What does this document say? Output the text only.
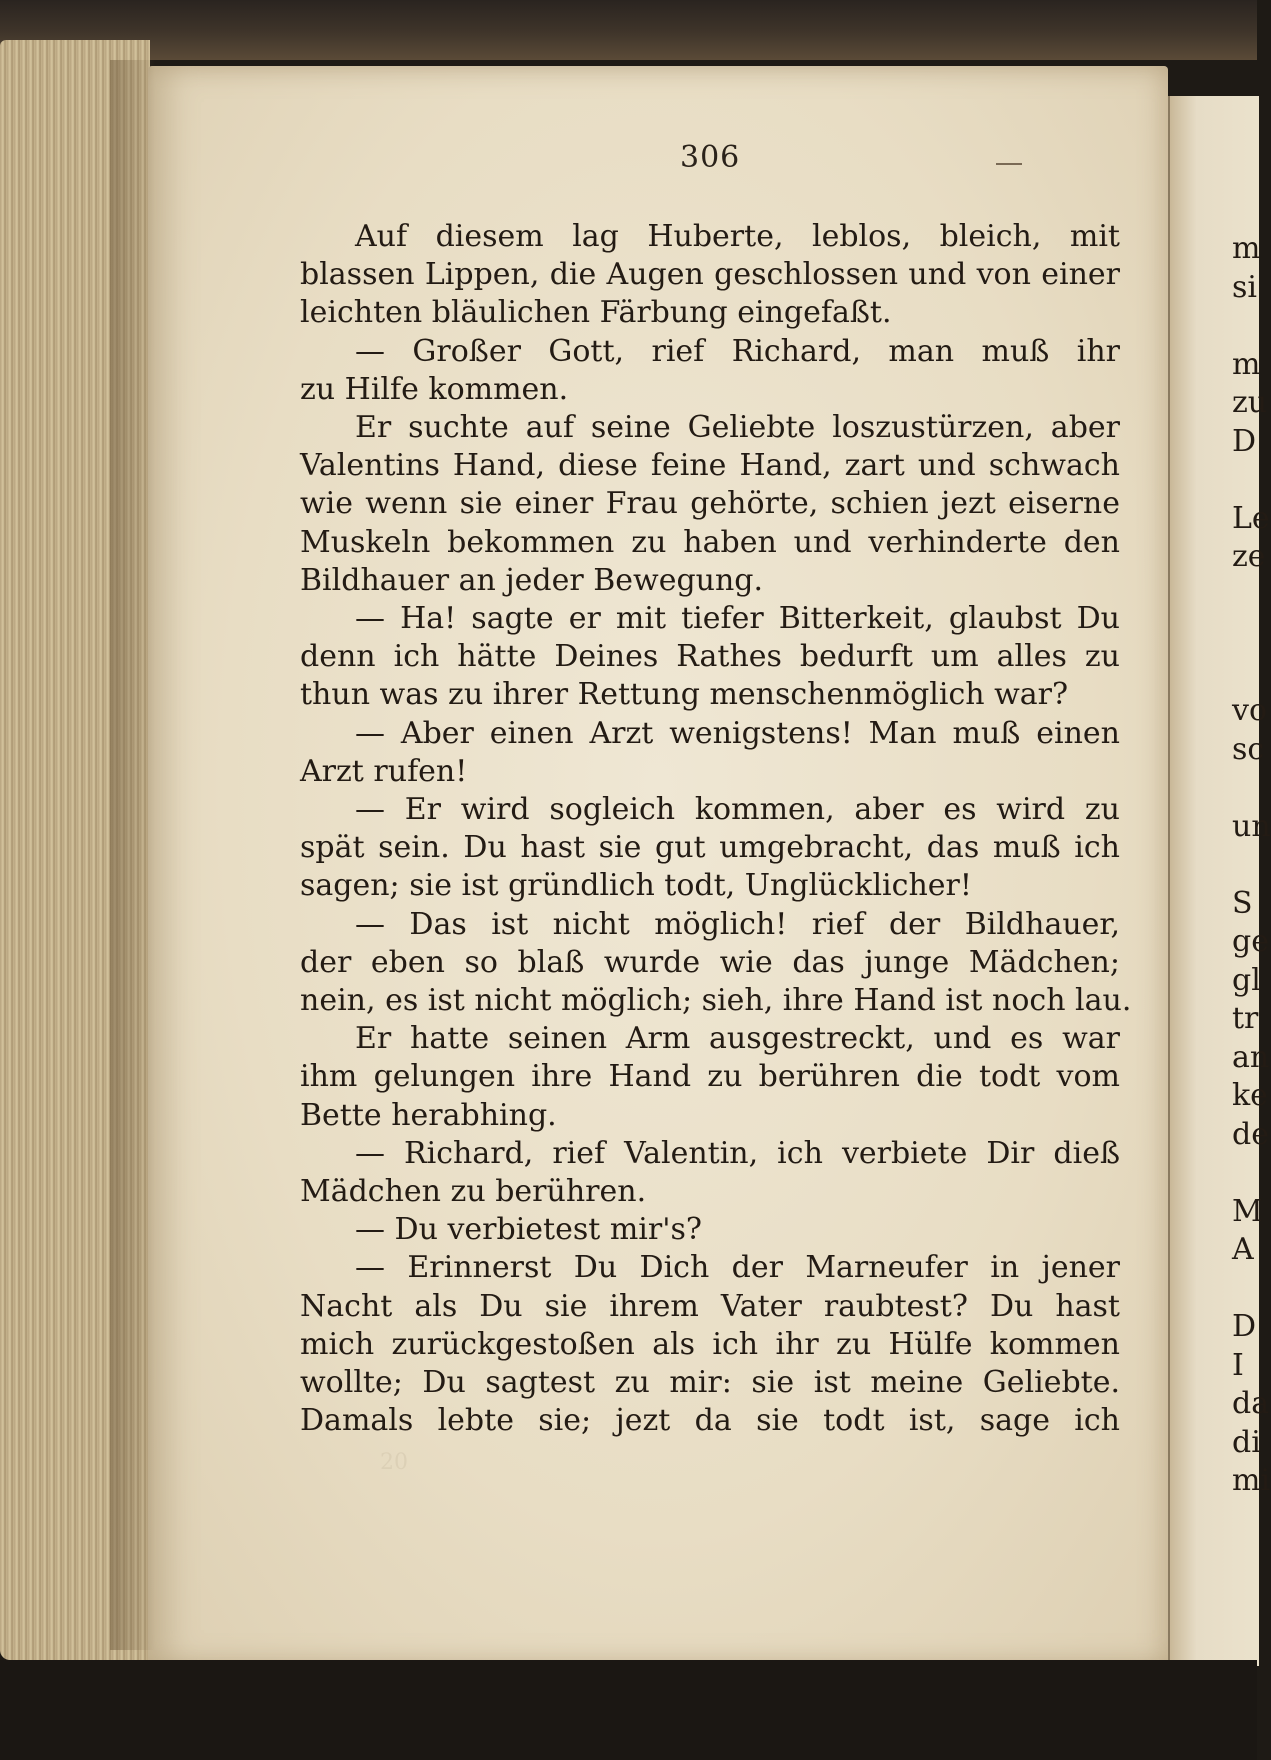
306
Auf diesem lag Huberte, leblos, bleich, mit
blassen Lippen, die Augen geschlossen und von einer
leichten bläulichen Färbung eingefaßt.
— Großer Gott, rief Richard, man muß ihr
zu Hilfe kommen.
Er suchte auf seine Geliebte loszustürzen, aber
Valentins Hand, diese feine Hand, zart und schwach
wie wenn sie einer Frau gehörte, schien jezt eiserne
Muskeln bekommen zu haben und verhinderte den
Bildhauer an jeder Bewegung.
— Ha! sagte er mit tiefer Bitterkeit, glaubst Du
denn ich hätte Deines Rathes bedurft um alles zu
thun was zu ihrer Rettung menschenmöglich war?
— Aber einen Arzt wenigstens! Man muß einen
Arzt rufen!
— Er wird sogleich kommen, aber es wird zu
spät sein. Du hast sie gut umgebracht, das muß ich
sagen; sie ist gründlich todt, Unglücklicher!
— Das ist nicht möglich! rief der Bildhauer,
der eben so blaß wurde wie das junge Mädchen;
nein, es ist nicht möglich; sieh, ihre Hand ist noch lau.
Er hatte seinen Arm ausgestreckt, und es war
ihm gelungen ihre Hand zu berühren die todt vom
Bette herabhing.
— Richard, rief Valentin, ich verbiete Dir dieß
Mädchen zu berühren.
— Du verbietest mir's?
— Erinnerst Du Dich der Marneufer in jener
Nacht als Du sie ihrem Vater raubtest? Du hast
mich zurückgestoßen als ich ihr zu Hülfe kommen
wollte; Du sagtest zu mir: sie ist meine Geliebte.
Damals lebte sie; jezt da sie todt ist, sage ich
20
m
si
m
zu
D
Le
ze
vo
sc
un
S
ge
gl
tr
an
ke
de
M
A
D
I
da
di
mi
